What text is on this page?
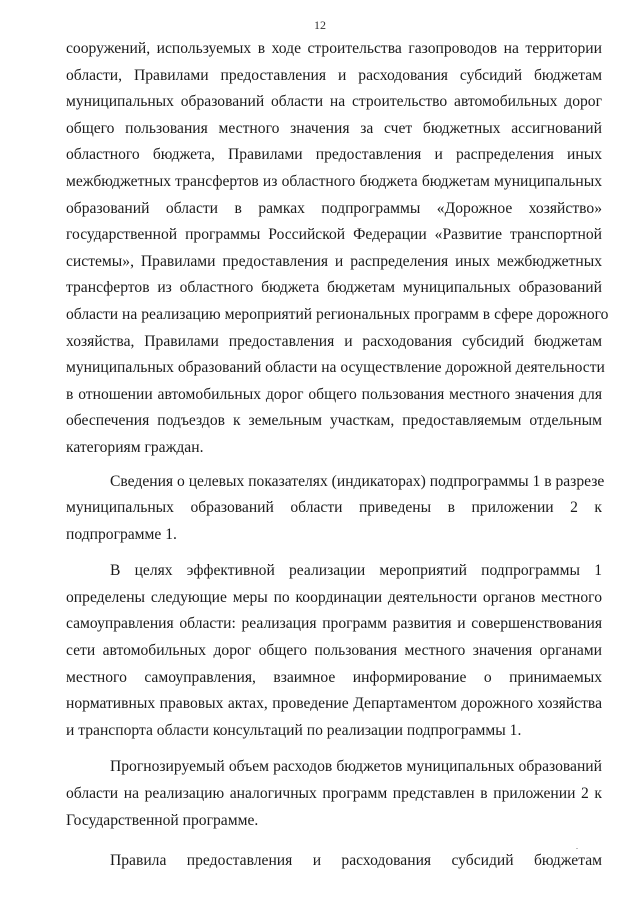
12

сооружений, используемых в ходе строительства газопроводов на территории
области, Правилами предоставления и расходования субсидий бюджетам
муниципальных образований области на строительство автомобильных дорог
общего пользования местного значения за счет бюджетных ассигнований
областного бюджета, Правилами предоставления и распределения иных
межбюджетных трансфертов из областного бюджета бюджетам муниципальных
образований области в рамках подпрограммы «Дорожное хозяйство»
государственной программы Российской Федерации «Развитие транспортной
системы», Правилами предоставления и распределения иных межбюджетных
трансфертов из областного бюджета бюджетам муниципальных образований
области на реализацию мероприятий региональных программ в сфере дорожного
хозяйства, Правилами предоставления и расходования субсидий бюджетам
муниципальных образований области на осуществление дорожной деятельности
в отношении автомобильных дорог общего пользования местного значения для
обеспечения подъездов к земельным участкам, предоставляемым отдельным
категориям граждан.

Сведения о целевых показателях (индикаторах) подпрограммы 1 в разрезе
муниципальных образований области приведены в приложении 2 к
подпрограмме 1.

В целях эффективной реализации мероприятий подпрограммы 1
определены следующие меры по координации деятельности органов местного
самоуправления области: реализация программ развития и совершенствования
сети автомобильных дорог общего пользования местного значения органами
местного самоуправления, взаимное информирование о принимаемых
нормативных правовых актах, проведение Департаментом дорожного хозяйства
и транспорта области консультаций по реализации подпрограммы 1.

Прогнозируемый объем расходов бюджетов муниципальных образований
области на реализацию аналогичных программ представлен в приложении 2 к
Государственной программе.

Правила предоставления и расходования субсидий бюджетам
